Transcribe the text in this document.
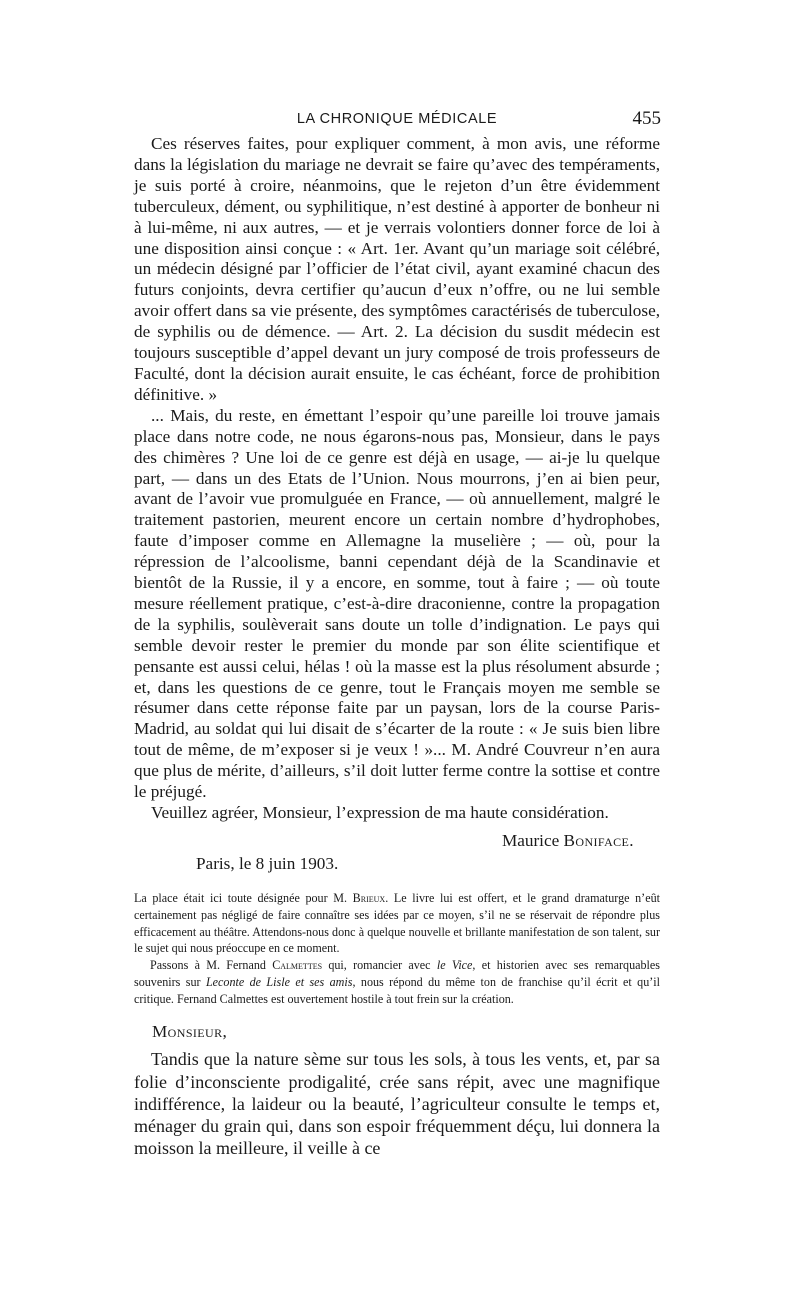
LA CHRONIQUE MÉDICALE	455

Ces réserves faites, pour expliquer comment, à mon avis, une réforme dans la législation du mariage ne devrait se faire qu’avec des tempéraments, je suis porté à croire, néanmoins, que le rejeton d’un être évidemment tuberculeux, dément, ou syphilitique, n’est destiné à apporter de bonheur ni à lui-même, ni aux autres, — et je verrais volontiers donner force de loi à une disposition ainsi conçue : « Art. 1er. Avant qu’un mariage soit célébré, un médecin désigné par l’officier de l’état civil, ayant examiné chacun des futurs conjoints, devra certifier qu’aucun d’eux n’offre, ou ne lui semble avoir offert dans sa vie présente, des symptômes caractérisés de tuberculose, de syphilis ou de démence. — Art. 2. La décision du susdit médecin est toujours susceptible d’appel devant un jury composé de trois professeurs de Faculté, dont la décision aurait ensuite, le cas échéant, force de prohibition définitive. »

... Mais, du reste, en émettant l’espoir qu’une pareille loi trouve jamais place dans notre code, ne nous égarons-nous pas, Monsieur, dans le pays des chimères ? Une loi de ce genre est déjà en usage, — ai-je lu quelque part, — dans un des Etats de l’Union. Nous mourrons, j’en ai bien peur, avant de l’avoir vue promulguée en France, — où annuellement, malgré le traitement pastorien, meurent encore un certain nombre d’hydrophobes, faute d’imposer comme en Allemagne la muselière ; — où, pour la répression de l’alcoolisme, banni cependant déjà de la Scandinavie et bientôt de la Russie, il y a encore, en somme, tout à faire ; — où toute mesure réellement pratique, c’est-à-dire draconienne, contre la propagation de la syphilis, soulèverait sans doute un tolle d’indignation. Le pays qui semble devoir rester le premier du monde par son élite scientifique et pensante est aussi celui, hélas ! où la masse est la plus résolument absurde ; et, dans les questions de ce genre, tout le Français moyen me semble se résumer dans cette réponse faite par un paysan, lors de la course Paris-Madrid, au soldat qui lui disait de s’écarter de la route : « Je suis bien libre tout de même, de m’exposer si je veux ! »... M. André Couvreur n’en aura que plus de mérite, d’ailleurs, s’il doit lutter ferme contre la sottise et contre le préjugé.

Veuillez agréer, Monsieur, l’expression de ma haute considération.

Maurice Boniface.
Paris, le 8 juin 1903.

La place était ici toute désignée pour M. Brieux. Le livre lui est offert, et le grand dramaturge n’eût certainement pas négligé de faire connaître ses idées par ce moyen, s’il ne se réservait de répondre plus efficacement au théâtre. Attendons-nous donc à quelque nouvelle et brillante manifestation de son talent, sur le sujet qui nous préoccupe en ce moment.

Passons à M. Fernand Calmettes qui, romancier avec le Vice, et historien avec ses remarquables souvenirs sur Leconte de Lisle et ses amis, nous répond du même ton de franchise qu’il écrit et qu’il critique. Fernand Calmettes est ouvertement hostile à tout frein sur la création.

Monsieur,

Tandis que la nature sème sur tous les sols, à tous les vents, et, par sa folie d’inconsciente prodigalité, crée sans répit, avec une magnifique indifférence, la laideur ou la beauté, l’agriculteur consulte le temps et, ménager du grain qui, dans son espoir fréquemment déçu, lui donnera la moisson la meilleure, il veille à ce
